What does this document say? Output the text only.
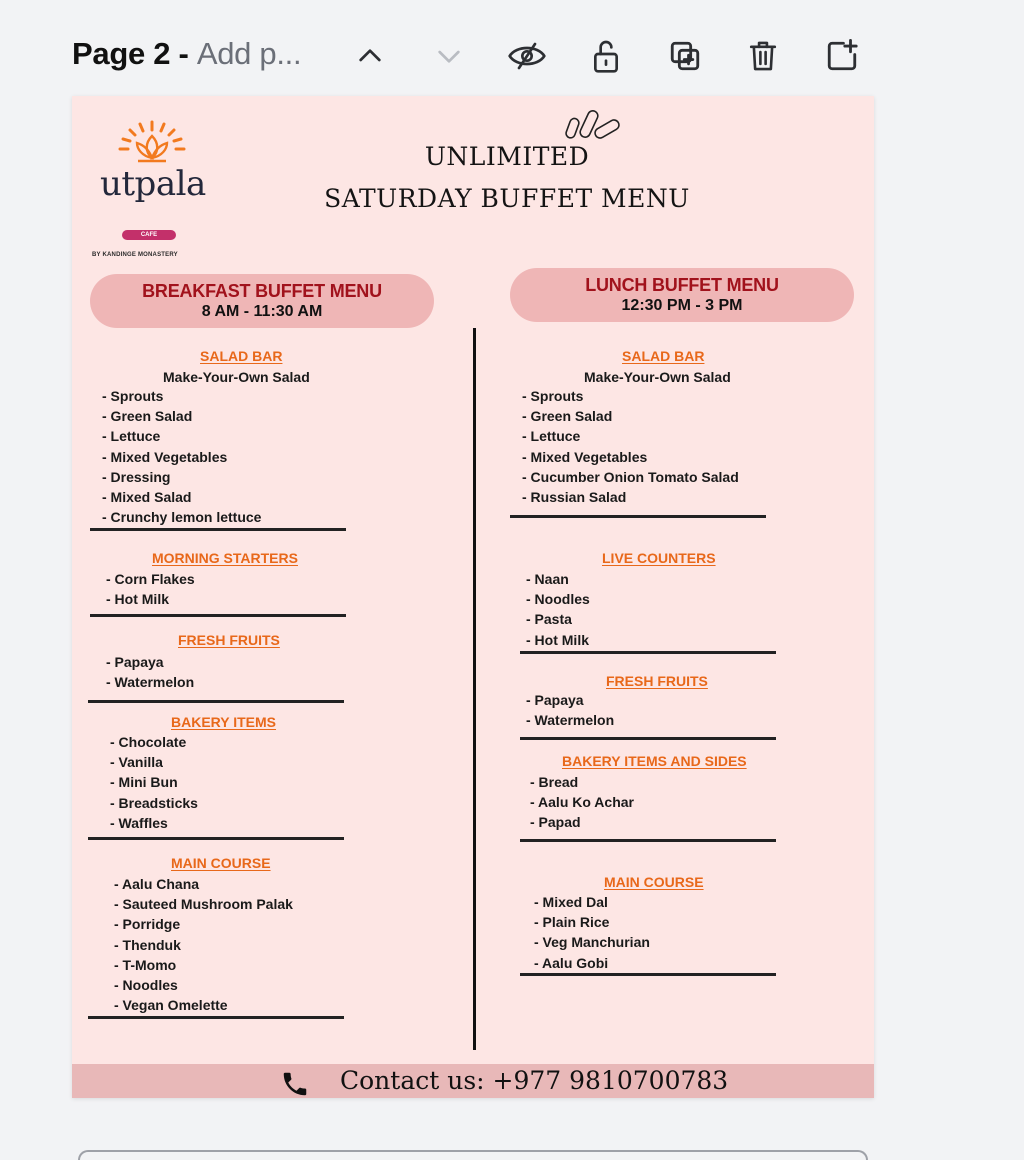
Page 2 - Add p...
utpala
CAFE
BY KANDINGE MONASTERY
UNLIMITED
SATURDAY BUFFET MENU
BREAKFAST BUFFET MENU
8 AM - 11:30 AM
LUNCH BUFFET MENU
12:30 PM - 3 PM
SALAD BAR
Make-Your-Own Salad
- Sprouts
- Green Salad
- Lettuce
- Mixed Vegetables
- Dressing
- Mixed Salad
- Crunchy lemon lettuce
MORNING STARTERS
- Corn Flakes
- Hot Milk
FRESH FRUITS
- Papaya
- Watermelon
BAKERY ITEMS
- Chocolate
- Vanilla
- Mini Bun
- Breadsticks
- Waffles
MAIN COURSE
- Aalu Chana
- Sauteed Mushroom Palak
- Porridge
- Thenduk
- T-Momo
- Noodles
- Vegan Omelette
SALAD BAR
Make-Your-Own Salad
- Sprouts
- Green Salad
- Lettuce
- Mixed Vegetables
- Cucumber Onion Tomato Salad
- Russian Salad
LIVE COUNTERS
- Naan
- Noodles
- Pasta
- Hot Milk
FRESH FRUITS
- Papaya
- Watermelon
BAKERY ITEMS AND SIDES
- Bread
- Aalu Ko Achar
- Papad
MAIN COURSE
- Mixed Dal
- Plain Rice
- Veg Manchurian
- Aalu Gobi
Contact us: +977 9810700783
